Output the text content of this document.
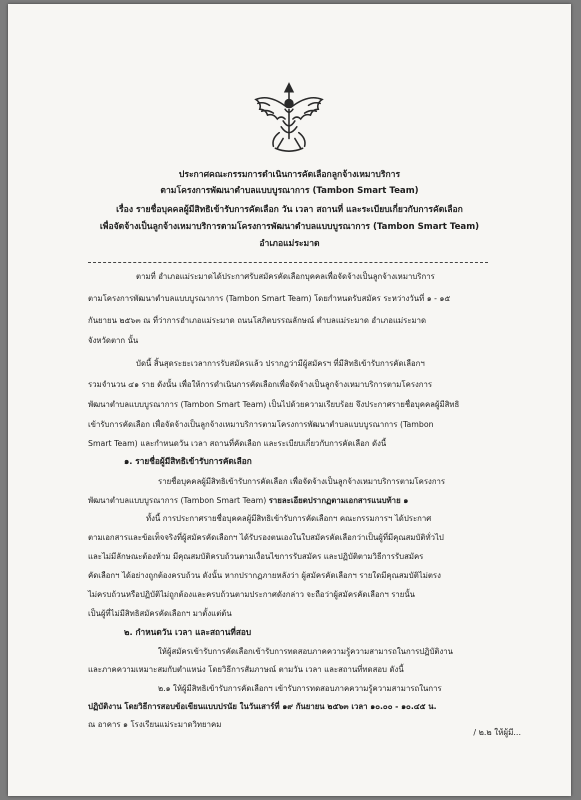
ประกาศคณะกรรมการดำเนินการคัดเลือกลูกจ้างเหมาบริการ
ตามโครงการพัฒนาตำบลแบบบูรณาการ (Tambon Smart Team)
เรื่อง รายชื่อบุคคลผู้มีสิทธิเข้ารับการคัดเลือก วัน เวลา สถานที่ และระเบียบเกี่ยวกับการคัดเลือก
เพื่อจัดจ้างเป็นลูกจ้างเหมาบริการตามโครงการพัฒนาตำบลแบบบูรณาการ (Tambon Smart Team)
อำเภอแม่ระมาด
ตามที่ อำเภอแม่ระมาดได้ประกาศรับสมัครคัดเลือกบุคคลเพื่อจัดจ้างเป็นลูกจ้างเหมาบริการ
ตามโครงการพัฒนาตำบลแบบบูรณาการ (Tambon Smart Team) โดยกำหนดรับสมัคร ระหว่างวันที่ ๑ - ๑๕
กันยายน ๒๕๖๓ ณ ที่ว่าการอำเภอแม่ระมาด ถนนโสภิตบรรณลักษณ์ ตำบลแม่ระมาด อำเภอแม่ระมาด
จังหวัดตาก นั้น
บัดนี้ สิ้นสุดระยะเวลาการรับสมัครแล้ว ปรากฏว่ามีผู้สมัครฯ ที่มีสิทธิเข้ารับการคัดเลือกฯ
รวมจำนวน ๔๑ ราย ดังนั้น เพื่อให้การดำเนินการคัดเลือกเพื่อจัดจ้างเป็นลูกจ้างเหมาบริการตามโครงการ
พัฒนาตำบลแบบบูรณาการ (Tambon Smart Team) เป็นไปด้วยความเรียบร้อย จึงประกาศรายชื่อบุคคลผู้มีสิทธิ
เข้ารับการคัดเลือก เพื่อจัดจ้างเป็นลูกจ้างเหมาบริการตามโครงการพัฒนาตำบลแบบบูรณาการ (Tambon
Smart Team) และกำหนดวัน เวลา สถานที่คัดเลือก และระเบียบเกี่ยวกับการคัดเลือก ดังนี้
๑. รายชื่อผู้มีสิทธิเข้ารับการคัดเลือก
รายชื่อบุคคลผู้มีสิทธิเข้ารับการคัดเลือก เพื่อจัดจ้างเป็นลูกจ้างเหมาบริการตามโครงการ
พัฒนาตำบลแบบบูรณาการ (Tambon Smart Team) รายละเอียดปรากฏตามเอกสารแนบท้าย ๑
ทั้งนี้ การประกาศรายชื่อบุคคลผู้มีสิทธิเข้ารับการคัดเลือกฯ คณะกรรมการฯ ได้ประกาศ
ตามเอกสารและข้อเท็จจริงที่ผู้สมัครคัดเลือกฯ ได้รับรองตนเองในใบสมัครคัดเลือกว่าเป็นผู้ที่มีคุณสมบัติทั่วไป
และไม่มีลักษณะต้องห้าม มีคุณสมบัติครบถ้วนตามเงื่อนไขการรับสมัคร และปฏิบัติตามวิธีการรับสมัคร
คัดเลือกฯ ได้อย่างถูกต้องครบถ้วน ดังนั้น หากปรากฏภายหลังว่า ผู้สมัครคัดเลือกฯ รายใดมีคุณสมบัติไม่ตรง
ไม่ครบถ้วนหรือปฏิบัติไม่ถูกต้องและครบถ้วนตามประกาศดังกล่าว จะถือว่าผู้สมัครคัดเลือกฯ รายนั้น
เป็นผู้ที่ไม่มีสิทธิสมัครคัดเลือกฯ มาตั้งแต่ต้น
๒. กำหนดวัน เวลา และสถานที่สอบ
ให้ผู้สมัครเข้ารับการคัดเลือกเข้ารับการทดสอบภาคความรู้ความสามารถในการปฏิบัติงาน
และภาคความเหมาะสมกับตำแหน่ง โดยวิธีการสัมภาษณ์ ตามวัน เวลา และสถานที่ทดสอบ ดังนี้
๒.๑ ให้ผู้มีสิทธิเข้ารับการคัดเลือกฯ เข้ารับการทดสอบภาคความรู้ความสามารถในการ
ปฏิบัติงาน โดยวิธีการสอบข้อเขียนแบบปรนัย ในวันเสาร์ที่ ๑๙ กันยายน ๒๕๖๓ เวลา ๑๐.๐๐ - ๑๐.๔๕ น.
ณ อาคาร ๑ โรงเรียนแม่ระมาดวิทยาคม
/ ๒.๒ ให้ผู้มี...
